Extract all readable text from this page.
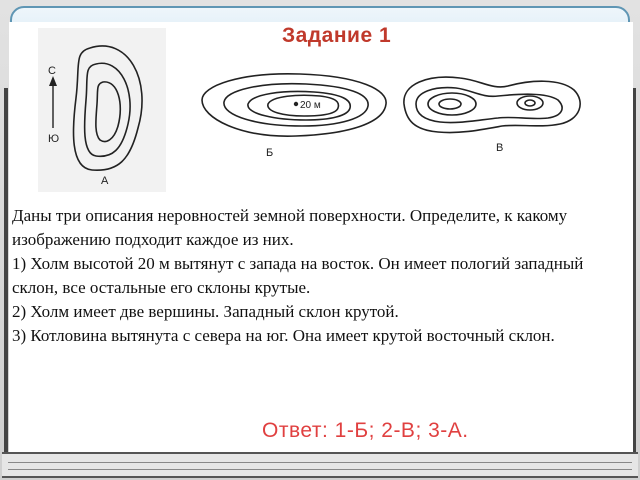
Задание 1
С
Ю
А
20 м
Б	В

Даны три описания неровностей земной поверхности. Определите, к какому изображению подходит каждое из них.

1) Холм высотой 20 м вытянут с запада на восток. Он имеет пологий западный склон, все остальные его склоны крутые.

2) Холм имеет две вершины. Западный склон крутой.

3) Котловина вытянута с севера на юг. Она имеет крутой восточный склон.

Ответ: 1-Б; 2-В; 3-А.
